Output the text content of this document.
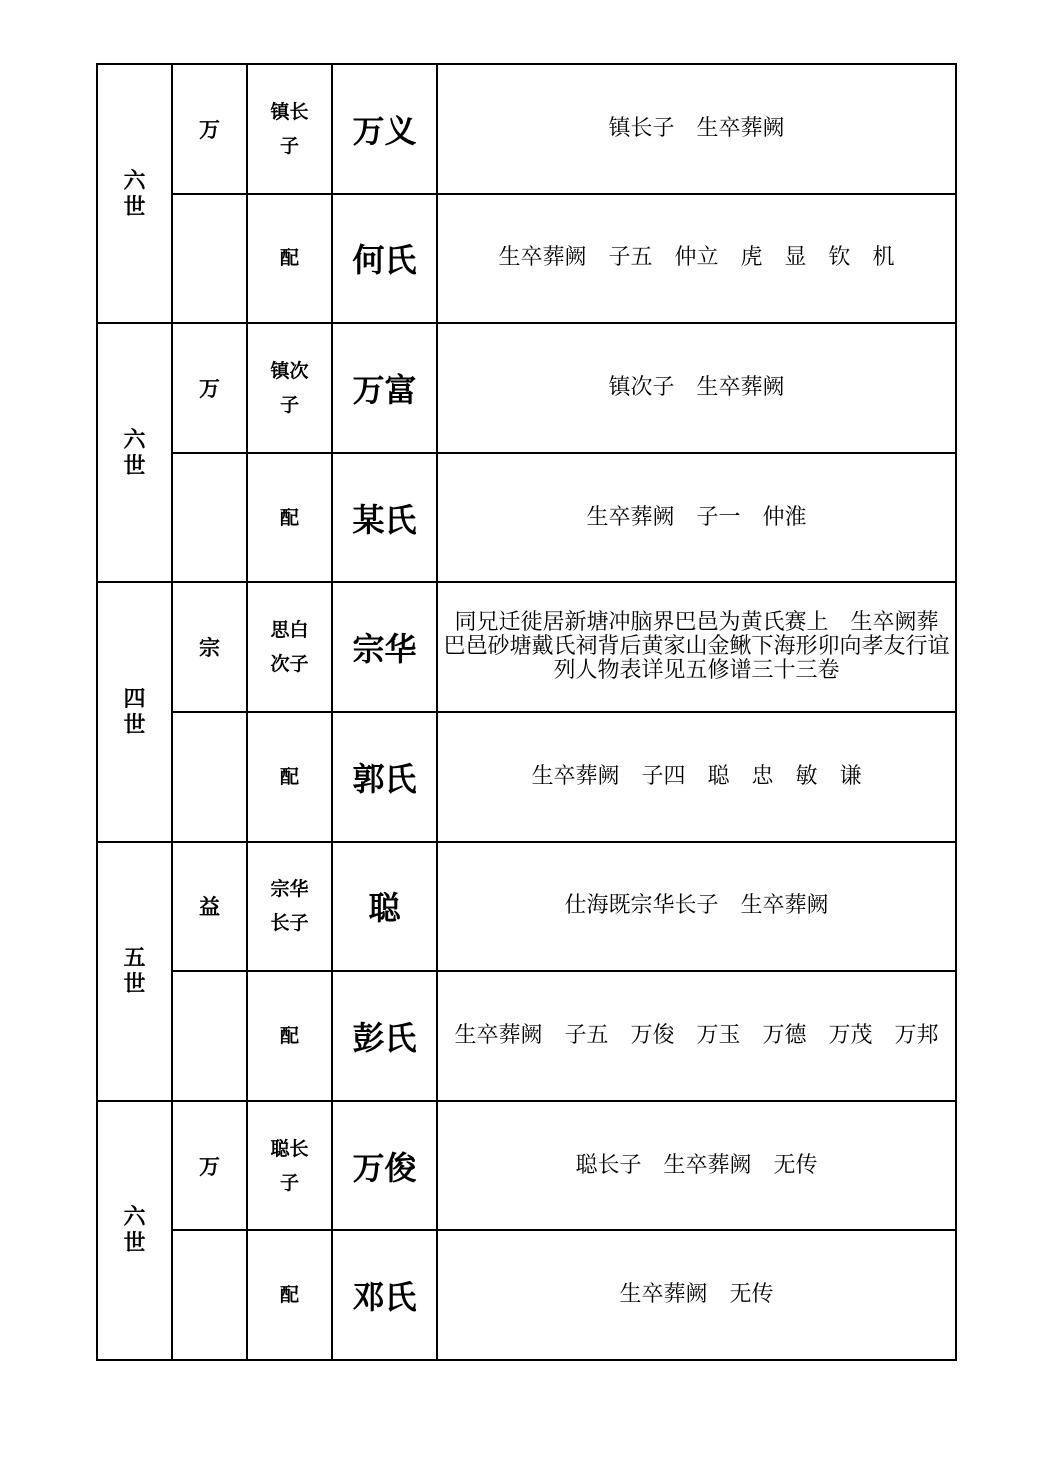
六世	万	镇长子	万义	镇长子　生卒葬阙
		配	何氏	生卒葬阙　子五　仲立　虎　显　钦　机
六世	万	镇次子	万富	镇次子　生卒葬阙
		配	某氏	生卒葬阙　子一　仲淮
四世	宗	思白次子	宗华	同兄迁徙居新塘冲脑界巴邑为黄氏赛上　生卒阙葬　巴邑砂塘戴氏祠背后黄家山金鳅下海形卯向孝友行谊列人物表详见五修谱三十三卷
		配	郭氏	生卒葬阙　子四　聪　忠　敏　谦
五世	益	宗华长子	聪	仕海既宗华长子　生卒葬阙
		配	彭氏	生卒葬阙　子五　万俊　万玉　万德　万茂　万邦
六世	万	聪长子	万俊	聪长子　生卒葬阙　无传
		配	邓氏	生卒葬阙　无传
